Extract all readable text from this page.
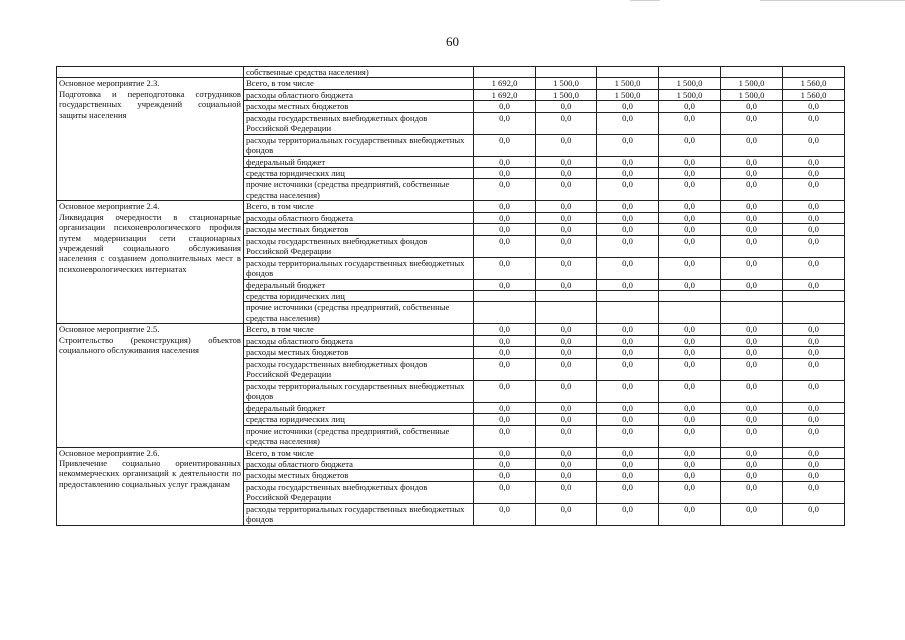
60
	собственные средства населения)						

Основное мероприятие 2.3.
Подготовка и переподготовка сотрудников государственных учреждений социальной защиты населения	Всего, в том числе	1 692,0	1 500,0	1 500,0	1 500,0	1 500,0	1 560,0
	расходы областного бюджета	1 692,0	1 500,0	1 500,0	1 500,0	1 500,0	1 560,0
	расходы местных бюджетов	0,0	0,0	0,0	0,0	0,0	0,0
	расходы государственных внебюджетных фондов Российской Федерации	0,0	0,0	0,0	0,0	0,0	0,0
	расходы территориальных государственных внебюджетных фондов	0,0	0,0	0,0	0,0	0,0	0,0
	федеральный бюджет	0,0	0,0	0,0	0,0	0,0	0,0
	средства юридических лиц	0,0	0,0	0,0	0,0	0,0	0,0
	прочие источники (средства предприятий, собственные средства населения)	0,0	0,0	0,0	0,0	0,0	0,0

Основное мероприятие 2.4.
Ликвидация очередности в стационарные организации психоневрологического профиля путем модернизации сети стационарных учреждений социального обслуживания населения с созданием дополнительных мест в психоневрологических интернатах	Всего, в том числе	0,0	0,0	0,0	0,0	0,0	0,0
	расходы областного бюджета	0,0	0,0	0,0	0,0	0,0	0,0
	расходы местных бюджетов	0,0	0,0	0,0	0,0	0,0	0,0
	расходы государственных внебюджетных фондов Российской Федерации	0,0	0,0	0,0	0,0	0,0	0,0
	расходы территориальных государственных внебюджетных фондов	0,0	0,0	0,0	0,0	0,0	0,0
	федеральный бюджет	0,0	0,0	0,0	0,0	0,0	0,0
	средства юридических лиц						
	прочие источники (средства предприятий, собственные средства населения)						

Основное мероприятие 2.5.
Строительство (реконструкция) объектов социального обслуживания населения	Всего, в том числе	0,0	0,0	0,0	0,0	0,0	0,0
	расходы областного бюджета	0,0	0,0	0,0	0,0	0,0	0,0
	расходы местных бюджетов	0,0	0,0	0,0	0,0	0,0	0,0
	расходы государственных внебюджетных фондов Российской Федерации	0,0	0,0	0,0	0,0	0,0	0,0
	расходы территориальных государственных внебюджетных фондов	0,0	0,0	0,0	0,0	0,0	0,0
	федеральный бюджет	0,0	0,0	0,0	0,0	0,0	0,0
	средства юридических лиц	0,0	0,0	0,0	0,0	0,0	0,0
	прочие источники (средства предприятий, собственные средства населения)	0,0	0,0	0,0	0,0	0,0	0,0

Основное мероприятие 2.6.
Привлечение социально ориентированных некоммерческих организаций к деятельности по предоставлению социальных услуг гражданам	Всего, в том числе	0,0	0,0	0,0	0,0	0,0	0,0
	расходы областного бюджета	0,0	0,0	0,0	0,0	0,0	0,0
	расходы местных бюджетов	0,0	0,0	0,0	0,0	0,0	0,0
	расходы государственных внебюджетных фондов Российской Федерации	0,0	0,0	0,0	0,0	0,0	0,0
	расходы территориальных государственных внебюджетных фондов	0,0	0,0	0,0	0,0	0,0	0,0
